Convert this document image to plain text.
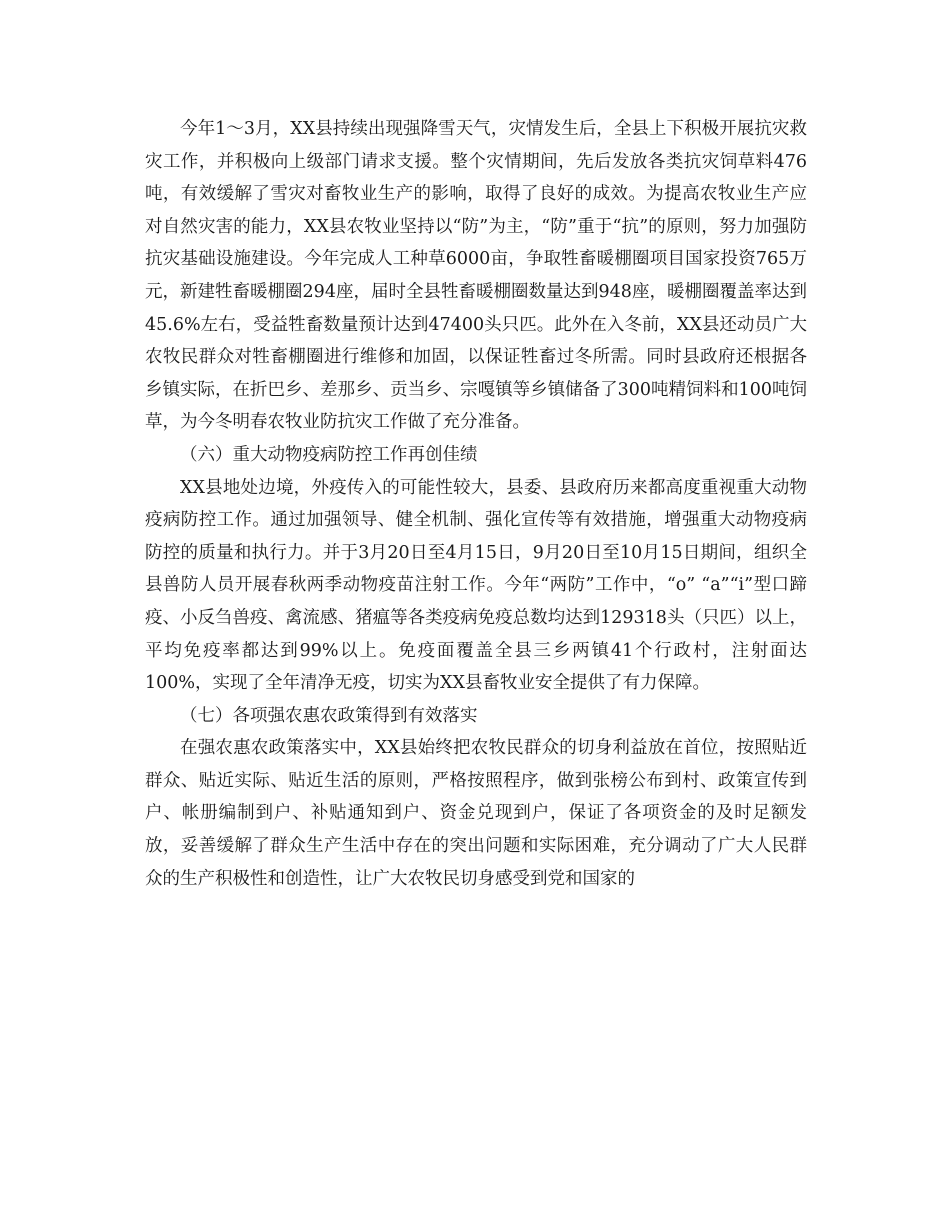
今年1～3月，XX县持续出现强降雪天气，灾情发生后，全县上下积极开展抗灾救灾工作，并积极向上级部门请求支援。整个灾情期间，先后发放各类抗灾饲草料476吨，有效缓解了雪灾对畜牧业生产的影响，取得了良好的成效。为提高农牧业生产应对自然灾害的能力，XX县农牧业坚持以“防”为主，“防”重于“抗”的原则，努力加强防抗灾基础设施建设。今年完成人工种草6000亩，争取牲畜暖棚圈项目国家投资765万元，新建牲畜暖棚圈294座，届时全县牲畜暖棚圈数量达到948座，暖棚圈覆盖率达到45.6%左右，受益牲畜数量预计达到47400头只匹。此外在入冬前，XX县还动员广大农牧民群众对牲畜棚圈进行维修和加固，以保证牲畜过冬所需。同时县政府还根据各乡镇实际，在折巴乡、差那乡、贡当乡、宗嘎镇等乡镇储备了300吨精饲料和100吨饲草，为今冬明春农牧业防抗灾工作做了充分准备。

（六）重大动物疫病防控工作再创佳绩

XX县地处边境，外疫传入的可能性较大，县委、县政府历来都高度重视重大动物疫病防控工作。通过加强领导、健全机制、强化宣传等有效措施，增强重大动物疫病防控的质量和执行力。并于3月20日至4月15日，9月20日至10月15日期间，组织全县兽防人员开展春秋两季动物疫苗注射工作。今年“两防”工作中，“o” “a”“i”型口蹄疫、小反刍兽疫、禽流感、猪瘟等各类疫病免疫总数均达到129318头（只匹）以上，平均免疫率都达到99%以上。免疫面覆盖全县三乡两镇41个行政村，注射面达100%，实现了全年清净无疫，切实为XX县畜牧业安全提供了有力保障。

（七）各项强农惠农政策得到有效落实

在强农惠农政策落实中，XX县始终把农牧民群众的切身利益放在首位，按照贴近群众、贴近实际、贴近生活的原则，严格按照程序，做到张榜公布到村、政策宣传到户、帐册编制到户、补贴通知到户、资金兑现到户，保证了各项资金的及时足额发放，妥善缓解了群众生产生活中存在的突出问题和实际困难，充分调动了广大人民群众的生产积极性和创造性，让广大农牧民切身感受到党和国家的
